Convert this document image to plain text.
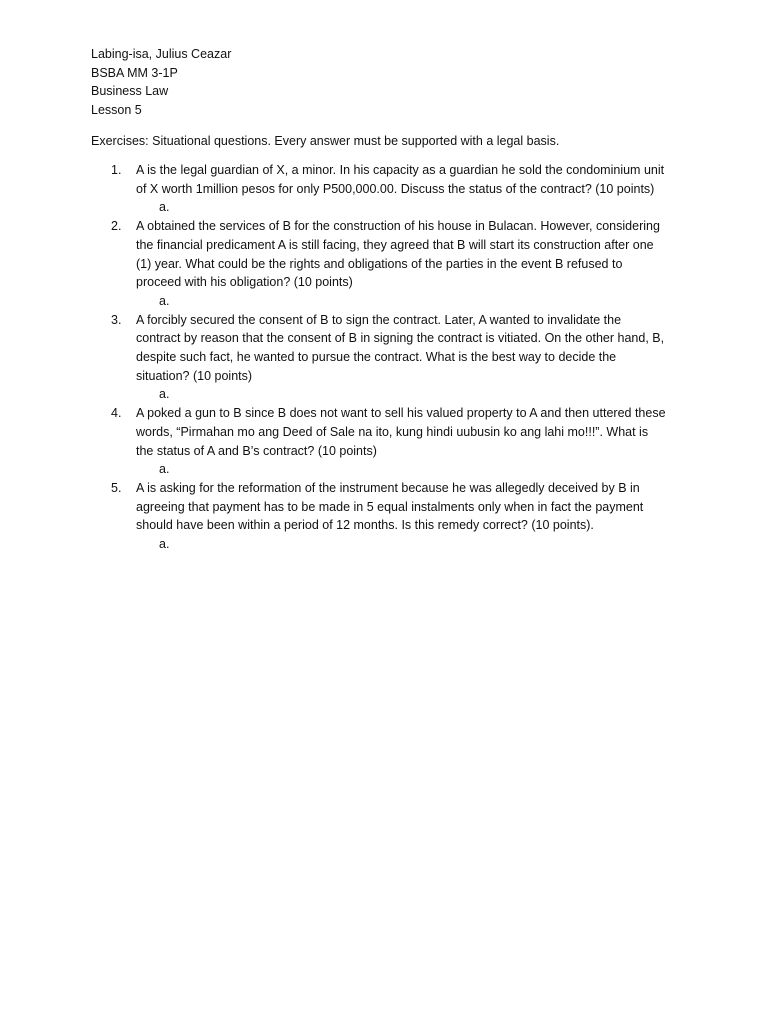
Labing-isa, Julius Ceazar
BSBA MM 3-1P
Business Law
Lesson 5
Exercises: Situational questions. Every answer must be supported with a legal basis.
1. A is the legal guardian of X, a minor. In his capacity as a guardian he sold the condominium unit
of X worth 1million pesos for only P500,000.00. Discuss the status of the contract? (10 points)
a.
2. A obtained the services of B for the construction of his house in Bulacan. However, considering
the financial predicament A is still facing, they agreed that B will start its construction after one
(1) year. What could be the rights and obligations of the parties in the event B refused to
proceed with his obligation? (10 points)
a.
3. A forcibly secured the consent of B to sign the contract. Later, A wanted to invalidate the
contract by reason that the consent of B in signing the contract is vitiated. On the other hand, B,
despite such fact, he wanted to pursue the contract. What is the best way to decide the
situation? (10 points)
a.
4. A poked a gun to B since B does not want to sell his valued property to A and then uttered these
words, “Pirmahan mo ang Deed of Sale na ito, kung hindi uubusin ko ang lahi mo!!!”. What is
the status of A and B’s contract? (10 points)
a.
5. A is asking for the reformation of the instrument because he was allegedly deceived by B in
agreeing that payment has to be made in 5 equal instalments only when in fact the payment
should have been within a period of 12 months. Is this remedy correct? (10 points).
a.
